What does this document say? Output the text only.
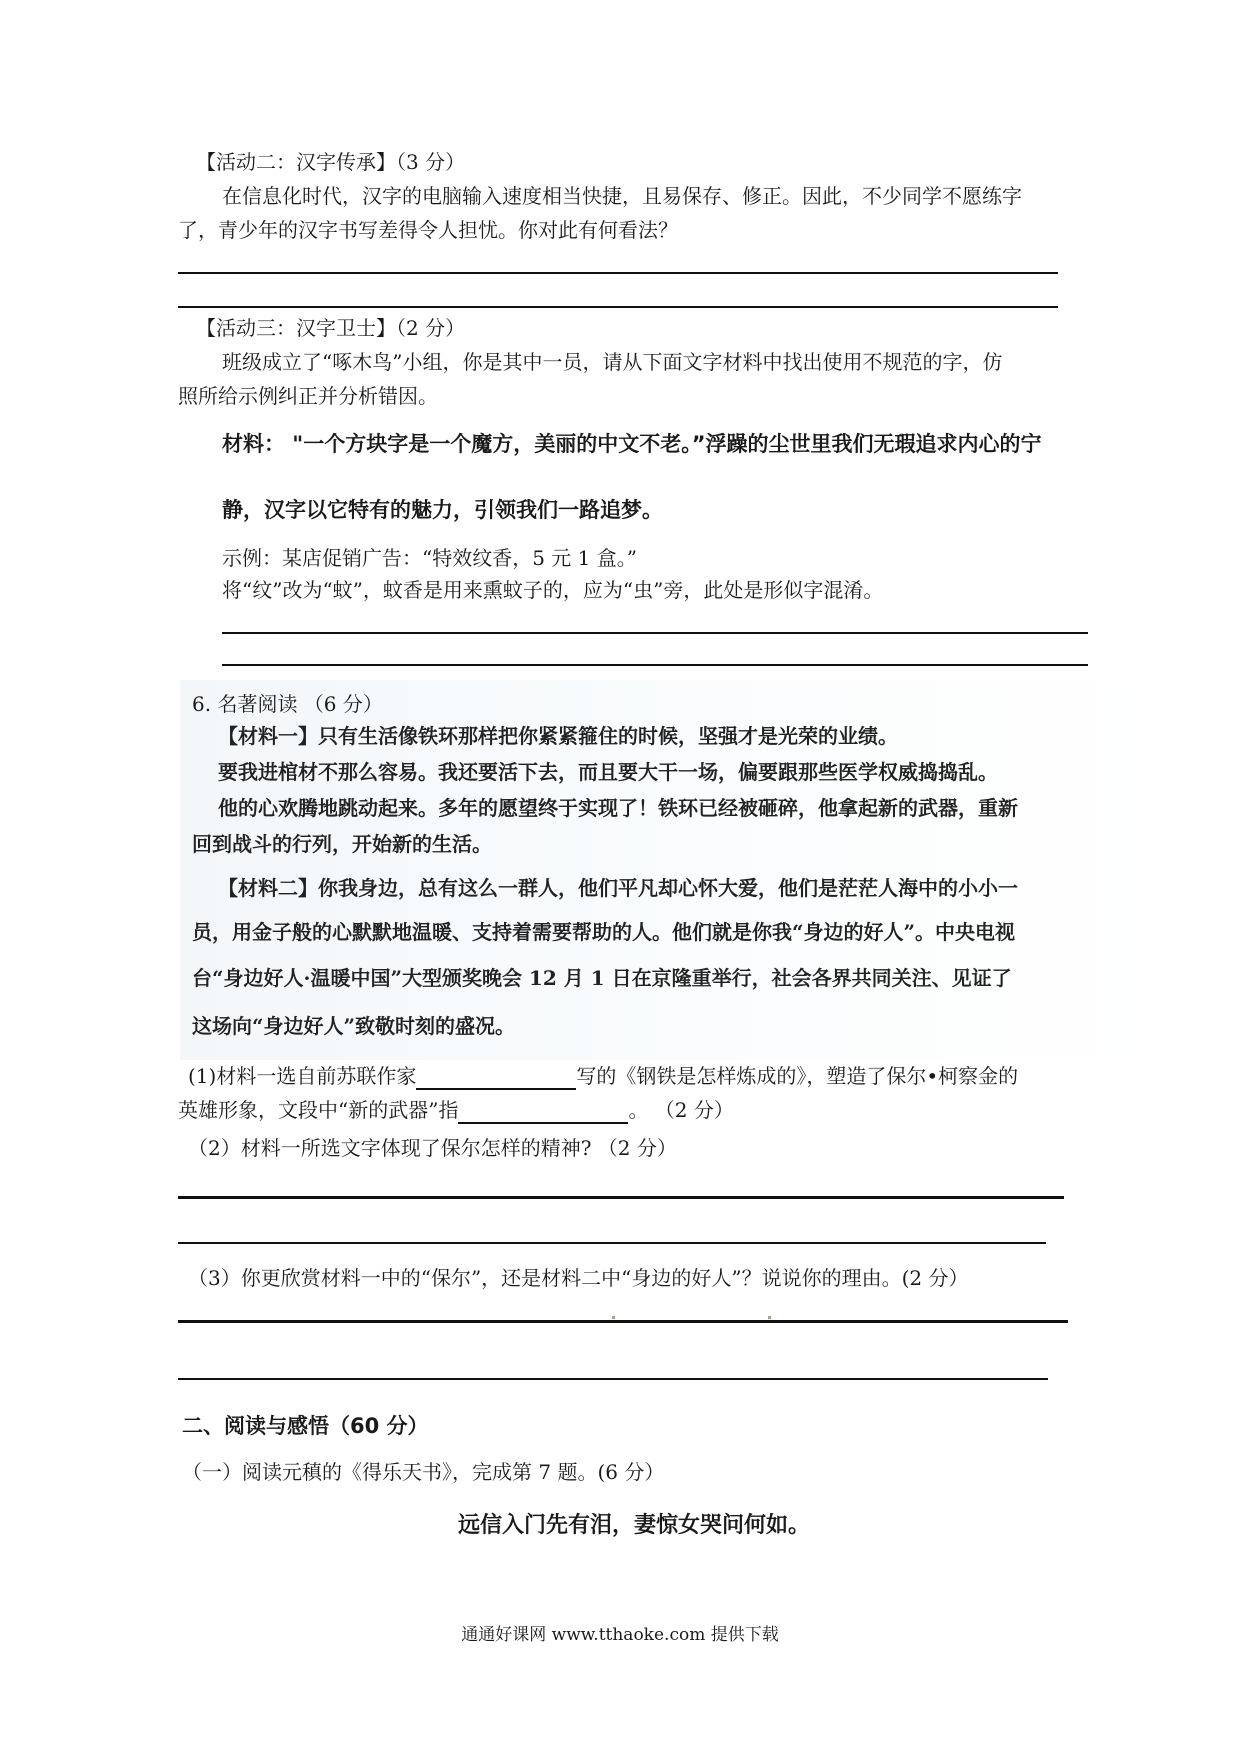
【活动二：汉字传承】（3 分）
在信息化时代，汉字的电脑输入速度相当快捷，且易保存、修正。因此，不少同学不愿练字
了，青少年的汉字书写差得令人担忧。你对此有何看法？
【活动三：汉字卫士】（2 分）
班级成立了“啄木鸟”小组，你是其中一员，请从下面文字材料中找出使用不规范的字，仿
照所给示例纠正并分析错因。
材料： "一个方块字是一个魔方，美丽的中文不老。”浮躁的尘世里我们无瑕追求内心的宁
静，汉字以它特有的魅力，引领我们一路追梦。
示例：某店促销广告：“特效纹香，5 元 1 盒。”
将“纹”改为“蚊”，蚊香是用来熏蚊子的，应为“虫”旁，此处是形似字混淆。
6. 名著阅读 （6 分）
【材料一】只有生活像铁环那样把你紧紧箍住的时候，坚强才是光荣的业绩。
要我进棺材不那么容易。我还要活下去，而且要大干一场，偏要跟那些医学权威捣捣乱。
他的心欢腾地跳动起来。多年的愿望终于实现了！铁环已经被砸碎，他拿起新的武器，重新
回到战斗的行列，开始新的生活。
【材料二】你我身边，总有这么一群人，他们平凡却心怀大爱，他们是茫茫人海中的小小一
员，用金子般的心默默地温暖、支持着需要帮助的人。他们就是你我“身边的好人”。中央电视
台“身边好人·温暖中国”大型颁奖晚会 12 月 1 日在京隆重举行，社会各界共同关注、见证了
这场向“身边好人”致敬时刻的盛况。
(1)材料一选自前苏联作家	写的《钢铁是怎样炼成的》，塑造了保尔•柯察金的
英雄形象，文段中“新的武器”指	。 （2 分）
（2）材料一所选文字体现了保尔怎样的精神? （2 分）
（3）你更欣赏材料一中的“保尔”，还是材料二中“身边的好人”？说说你的理由。(2 分）
二、阅读与感悟（60 分）
（一）阅读元稹的《得乐天书》，完成第 7 题。(6 分）
远信入门先有泪，妻惊女哭问何如。
通通好课网 www.tthaoke.com 提供下载
